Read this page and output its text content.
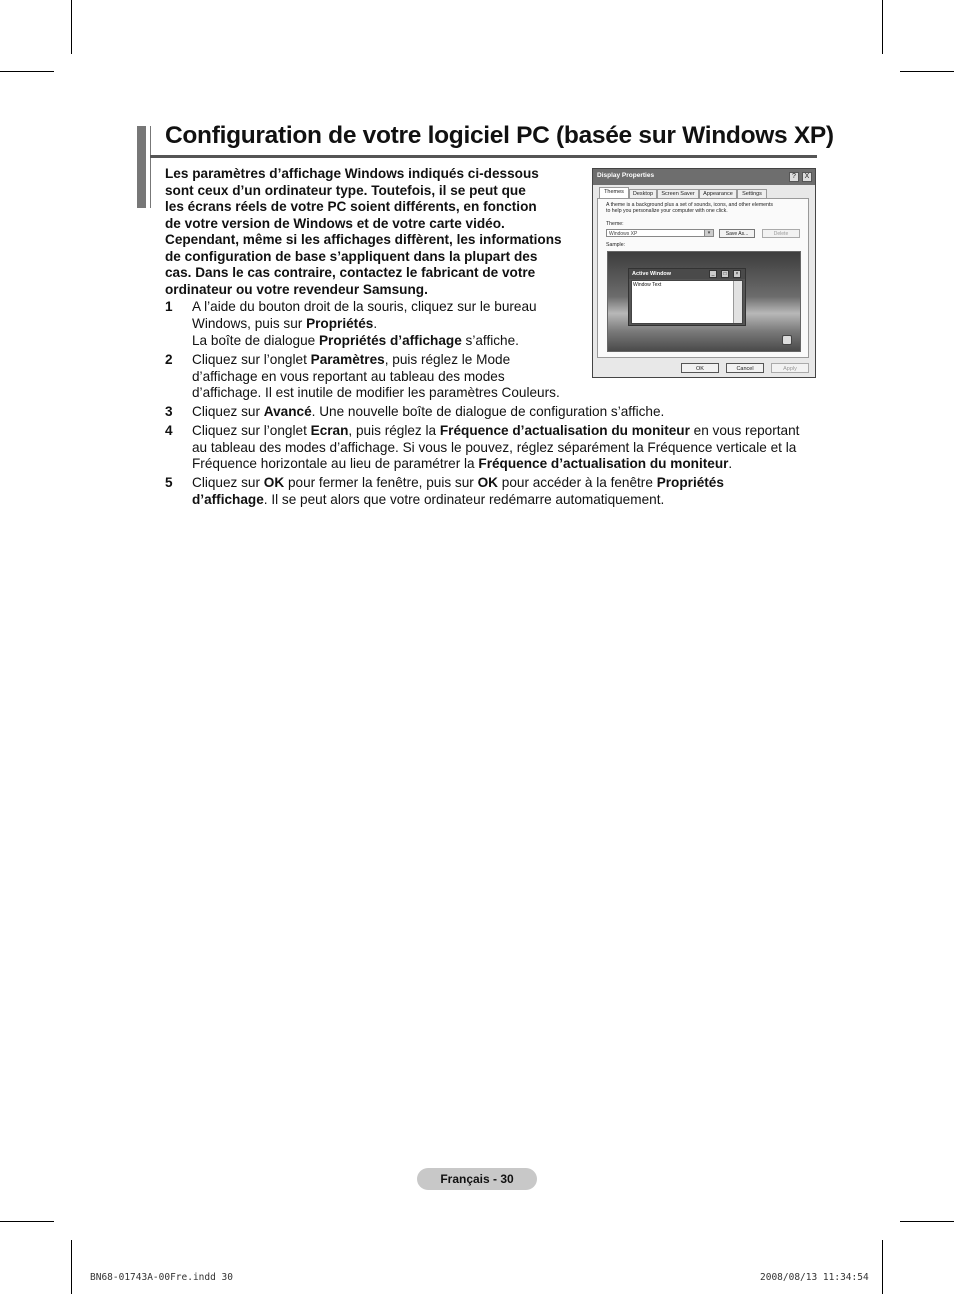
Configuration de votre logiciel PC (basée sur Windows XP)
Les paramètres d’affichage Windows indiqués ci-dessous
sont ceux d’un ordinateur type. Toutefois, il se peut que
les écrans réels de votre PC soient différents, en fonction
de votre version de Windows et de votre carte vidéo.
Cependant, même si les affichages diffèrent, les informations
de configuration de base s’appliquent dans la plupart des
cas. Dans le cas contraire, contactez le fabricant de votre
ordinateur ou votre revendeur Samsung.
1 A l’aide du bouton droit de la souris, cliquez sur le bureau
Windows, puis sur Propriétés.
La boîte de dialogue Propriétés d’affichage s’affiche.
2 Cliquez sur l’onglet Paramètres, puis réglez le Mode
d’affichage en vous reportant au tableau des modes
d’affichage. Il est inutile de modifier les paramètres Couleurs.
3 Cliquez sur Avancé. Une nouvelle boîte de dialogue de configuration s’affiche.
4 Cliquez sur l’onglet Ecran, puis réglez la Fréquence d’actualisation du moniteur en vous reportant
au tableau des modes d’affichage. Si vous le pouvez, réglez séparément la Fréquence verticale et la
Fréquence horizontale au lieu de paramétrer la Fréquence d’actualisation du moniteur.
5 Cliquez sur OK pour fermer la fenêtre, puis sur OK pour accéder à la fenêtre Propriétés
d’affichage. Il se peut alors que votre ordinateur redémarre automatiquement.
Display Properties	?	X
Themes	Desktop	Screen Saver	Appearance	Settings
A theme is a background plus a set of sounds, icons, and other elements
to help you personalize your computer with one click.
Theme:
Windows XP	▾	Save As...	Delete
Sample:
Active Window	_	□	×
Window Text
OK	Cancel	Apply
Français - 30
BN68-01743A-00Fre.indd 30	2008/08/13 11:34:54
